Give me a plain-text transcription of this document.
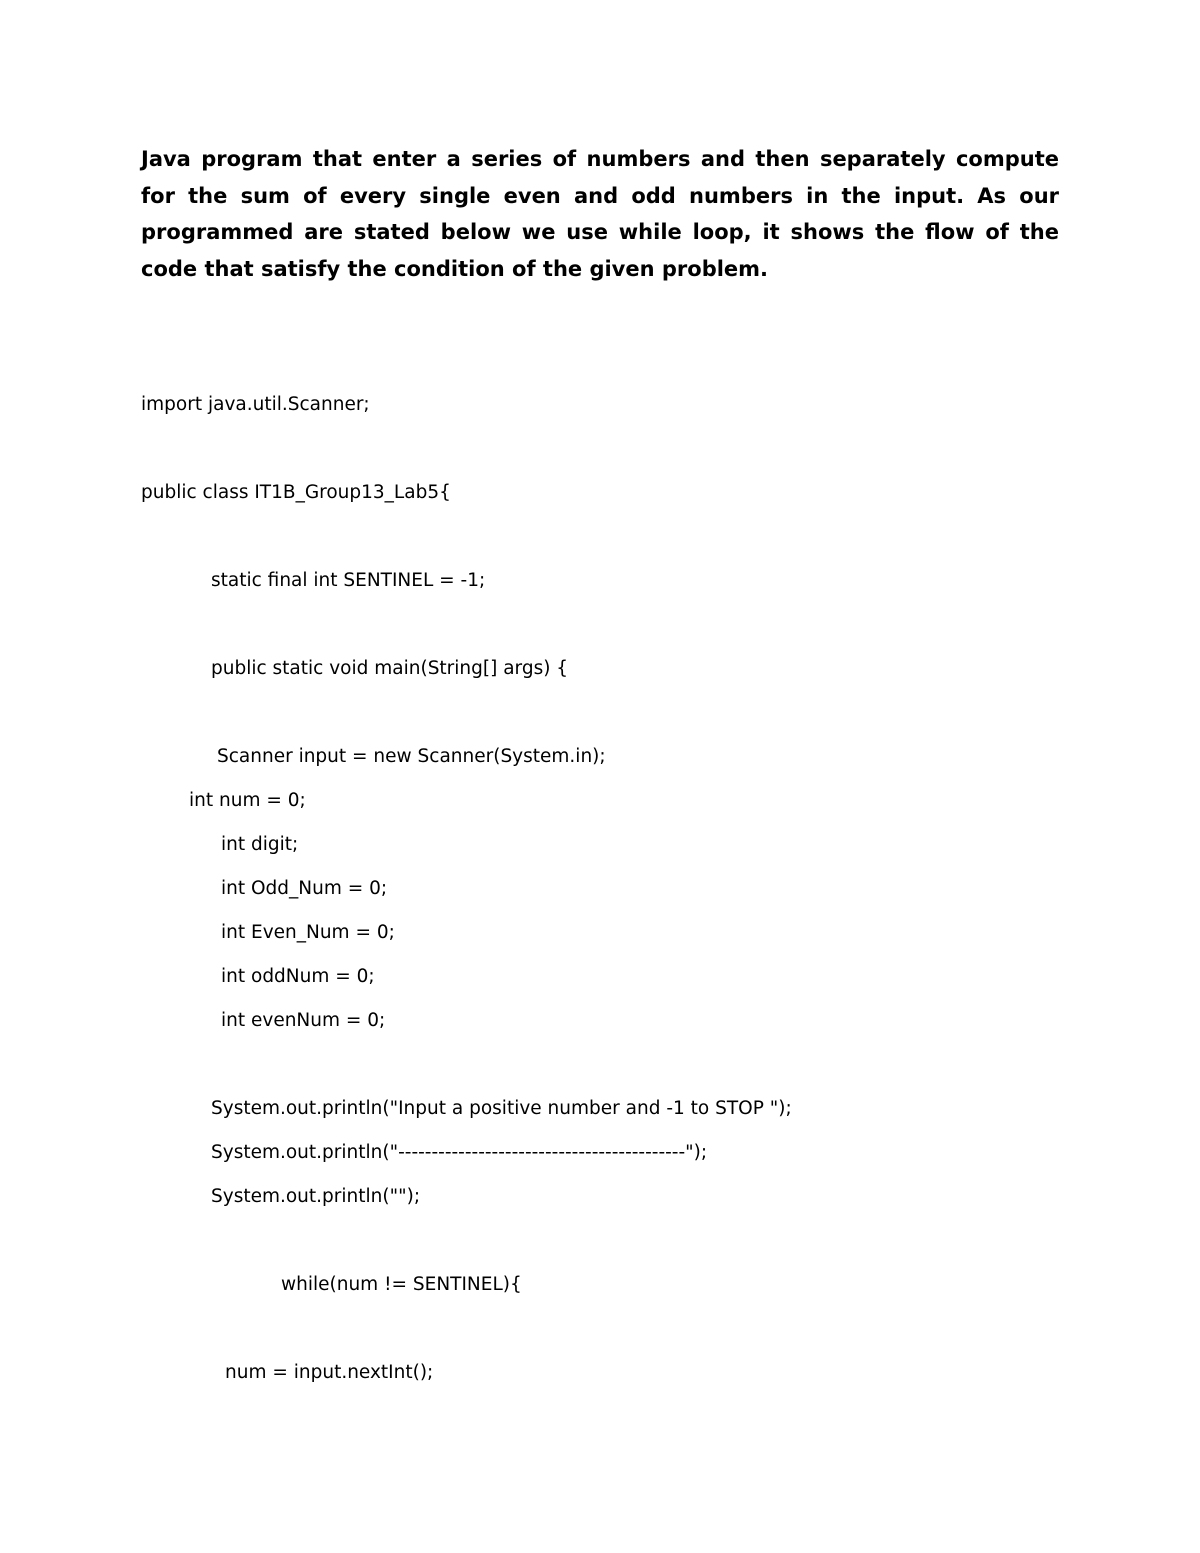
Java program that enter a series of numbers and then separately compute for the sum of every single even and odd numbers in the input. As our programmed are stated below we use while loop, it shows the flow of the code that satisfy the condition of the given problem.

import java.util.Scanner;
public class IT1B_Group13_Lab5{
static final int SENTINEL = -1;
public static void main(String[] args) {
Scanner input = new Scanner(System.in);
int num = 0;
int digit;
int Odd_Num = 0;
int Even_Num = 0;
int oddNum = 0;
int evenNum = 0;
System.out.println("Input a positive number and -1 to STOP ");
System.out.println("-------------------------------------------");
System.out.println("");
while(num != SENTINEL){
num = input.nextInt();
